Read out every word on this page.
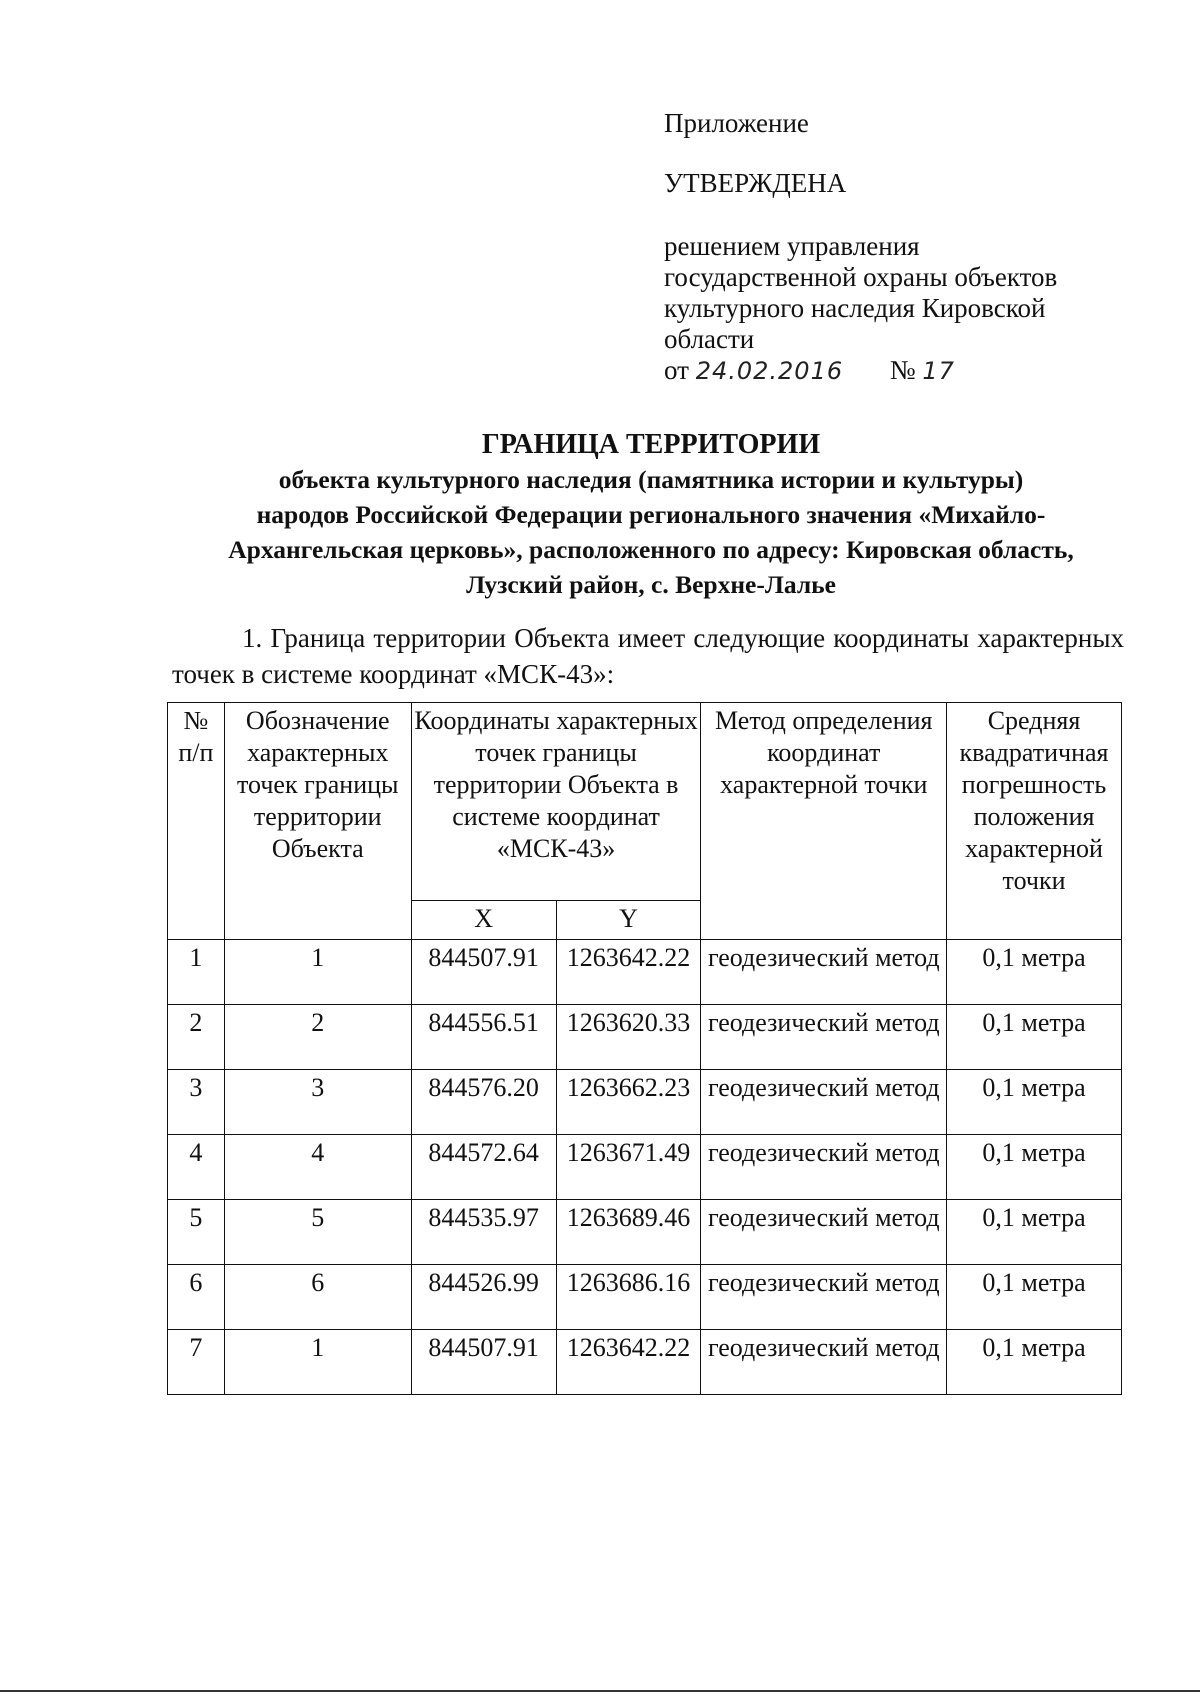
Приложение
УТВЕРЖДЕНА
решением управления
государственной охраны объектов
культурного наследия Кировской
области
от 24.02.2016 № 17
ГРАНИЦА ТЕРРИТОРИИ
объекта культурного наследия (памятника истории и культуры)
народов Российской Федерации регионального значения «Михайло-
Архангельская церковь», расположенного по адресу: Кировская область,
Лузский район, с. Верхне-Лалье
1. Граница территории Объекта имеет следующие координаты характерных точек в системе координат «МСК-43»:
№ п/п	Обозначение характерных точек границы территории Объекта	Координаты характерных точек границы территории Объекта в системе координат «МСК-43»		Метод определения координат характерной точки	Средняя квадратичная погрешность положения характерной точки
		X	Y		
1	1	844507.91	1263642.22	геодезический метод	0,1 метра
2	2	844556.51	1263620.33	геодезический метод	0,1 метра
3	3	844576.20	1263662.23	геодезический метод	0,1 метра
4	4	844572.64	1263671.49	геодезический метод	0,1 метра
5	5	844535.97	1263689.46	геодезический метод	0,1 метра
6	6	844526.99	1263686.16	геодезический метод	0,1 метра
7	1	844507.91	1263642.22	геодезический метод	0,1 метра
